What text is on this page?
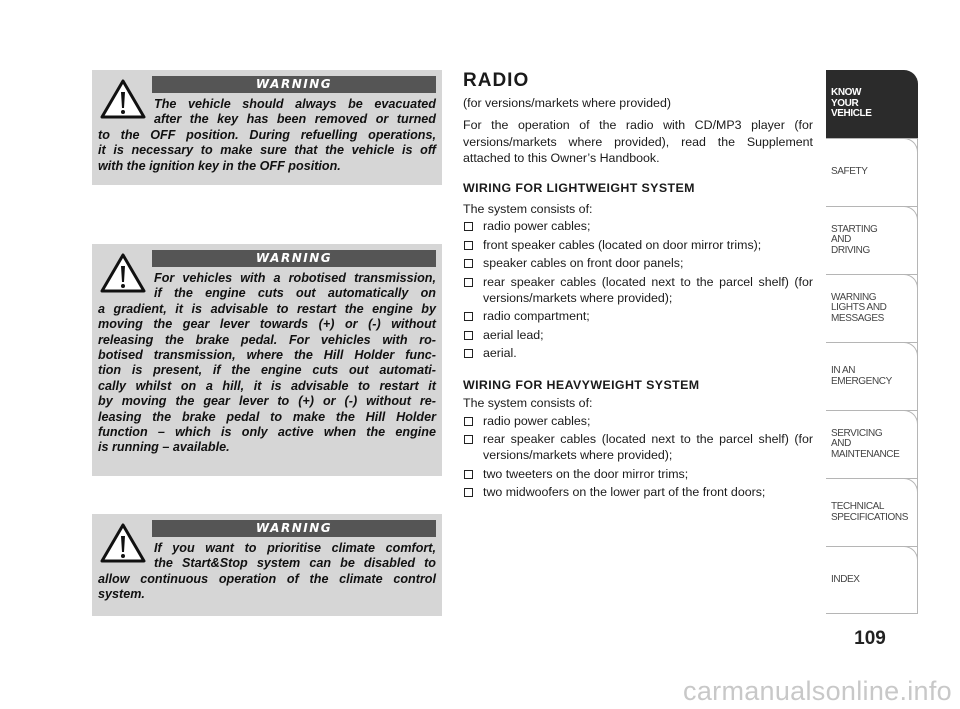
WARNING
The vehicle should always be evacuated
after the key has been removed or turned
to the OFF position. During refuelling operations,
it is necessary to make sure that the vehicle is off
with the ignition key in the OFF position.
WARNING
For vehicles with a robotised transmission,
if the engine cuts out automatically on
a gradient, it is advisable to restart the engine by
moving the gear lever towards (+) or (-) without
releasing the brake pedal. For vehicles with ro-
botised transmission, where the Hill Holder func-
tion is present, if the engine cuts out automati-
cally whilst on a hill, it is advisable to restart it
by moving the gear lever to (+) or (-) without re-
leasing the brake pedal to make the Hill Holder
function – which is only active when the engine
is running – available.
WARNING
If you want to prioritise climate comfort,
the Start&Stop system can be disabled to
allow continuous operation of the climate control
system.
RADIO

(for versions/markets where provided)

For the operation of the radio with CD/MP3 player (for versions/markets where provided), read the Supplement attached to this Owner’s Handbook.

WIRING FOR LIGHTWEIGHT SYSTEM

The system consists of:

radio power cables;
front speaker cables (located on door mirror trims);
speaker cables on front door panels;
rear speaker cables (located next to the parcel shelf) (for versions/markets where provided);
radio compartment;
aerial lead;
aerial.
WIRING FOR HEAVYWEIGHT SYSTEM

The system consists of:

radio power cables;
rear speaker cables (located next to the parcel shelf) (for versions/markets where provided);
two tweeters on the door mirror trims;
two midwoofers on the lower part of the front doors;
KNOW
YOUR
VEHICLE
SAFETY
STARTING
AND
DRIVING
WARNING
LIGHTS AND
MESSAGES
IN AN
EMERGENCY
SERVICING
AND
MAINTENANCE
TECHNICAL
SPECIFICATIONS
INDEX
109
carmanualsonline.info
